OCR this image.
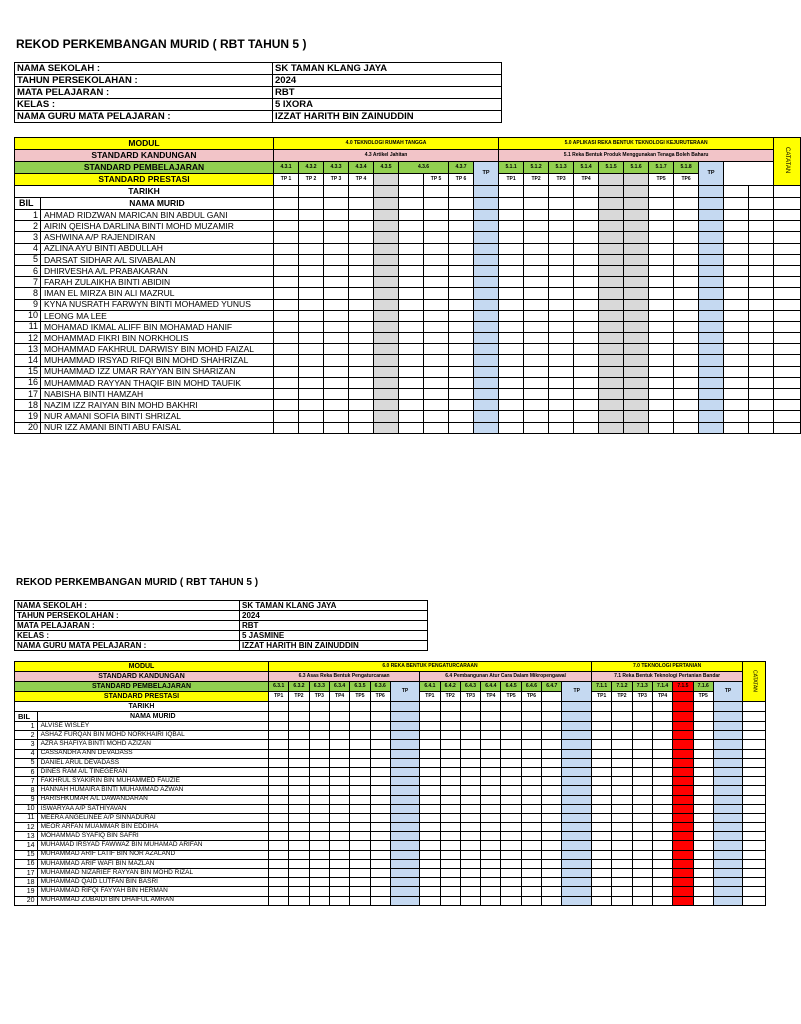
REKOD PERKEMBANGAN MURID ( RBT TAHUN 5 )
NAMA SEKOLAH :	SK TAMAN KLANG JAYA
TAHUN PERSEKOLAHAN :	2024
MATA PELAJARAN :	RBT
KELAS :	5 IXORA
NAMA GURU MATA PELAJARAN :	IZZAT HARITH BIN ZAINUDDIN
MODUL		4.0 TEKNOLOGI RUMAH TANGGA									5.0 APLIKASI REKA BENTUK TEKNOLOGI KEJURUTERAAN											CATATAN
STANDARD KANDUNGAN		4.3 Artikel Jahitan									5.1 Reka Bentuk Produk Menggunakan Tenaga Boleh Baharu											
STANDARD PEMBELAJARAN		4.3.1	4.3.2	4.3.3	4.3.4	4.3.5	4.3.6		4.3.7	TP	5.1.1	5.1.2	5.1.3	5.1.4	5.1.5	5.1.6	5.1.7	5.1.8	TP			
STANDARD PRESTASI		TP 1	TP 2	TP 3	TP 4			TP 5	TP 6		TP1	TP2	TP3	TP4			TP5	TP6				
TARIKH																						
BIL	NAMA MURID																					
1	AHMAD RIDZWAN MARICAN BIN ABDUL GANI																					
2	AIRIN QEISHA DARLINA BINTI MOHD MUZAMIR																					
3	ASHWINA A/P RAJENDIRAN																					
4	AZLINA AYU BINTI ABDULLAH																					
5	DARSAT SIDHAR A/L SIVABALAN																					
6	DHIRVESHA A/L PRABAKARAN																					
7	FARAH ZULAIKHA BINTI ABIDIN																					
8	IMAN EL MIRZA BIN ALI MAZRUL																					
9	KYNA NUSRATH FARWYN BINTI MOHAMED YUNUS																					
10	LEONG MA LEE																					
11	MOHAMAD IKMAL ALIFF BIN MOHAMAD HANIF																					
12	MOHAMMAD FIKRI BIN NORKHOLIS																					
13	MOHAMMAD FAKHRUL DARWISY BIN MOHD FAIZAL																					
14	MUHAMMAD IRSYAD RIFQI BIN MOHD SHAHRIZAL																					
15	MUHAMMAD IZZ UMAR RAYYAN BIN SHARIZAN																					
16	MUHAMMAD RAYYAN THAQIF BIN MOHD TAUFIK																					
17	NABISHA BINTI HAMZAH																					
18	NAZIM IZZ RAIYAN BIN MOHD BAKHRI																					
19	NUR AMANI SOFIA BINTI SHRIZAL																					
20	NUR IZZ AMANI BINTI ABU FAISAL																					
REKOD PERKEMBANGAN MURID ( RBT TAHUN 5 )
NAMA SEKOLAH :	SK TAMAN KLANG JAYA
TAHUN PERSEKOLAHAN :	2024
MATA PELAJARAN :	RBT
KELAS :	5 JASMINE
NAMA GURU MATA PELAJARAN :	IZZAT HARITH BIN ZAINUDDIN
MODUL		6.0 REKA BENTUK PENGATURCARAAN															7.0 TEKNOLOGI PERTANIAN							CATATAN
STANDARD KANDUNGAN		6.3 Asas Reka Bentuk Pengaturcaraan							6.4 Pembangunan Atur Cara Dalam Mikropengawal								7.1 Reka Bentuk Teknologi Pertanian Bandar							
STANDARD PEMBELAJARAN		6.3.1	6.3.2	6.3.3	6.3.4	6.3.5	6.3.6	TP	6.4.1	6.4.2	6.4.3	6.4.4	6.4.5	6.4.6	6.4.7	TP	7.1.1	7.1.2	7.1.3	7.1.4	7.1.5	7.1.6	TP	
STANDARD PRESTASI		TP1	TP2	TP3	TP4	TP5	TP6		TP1	TP2	TP3	TP4	TP5	TP6			TP1	TP2	TP3	TP4		TP5		
TARIKH																								
BIL	NAMA MURID																							
1	ALVISE WISLEY																							
2	ASHAZ FURQAN BIN MOHD NORKHAIRI IQBAL																							
3	AZRA SHAFIYA BINTI MOHD AZIZAN																							
4	CASSANDRA ANN DEVADASS																							
5	DANIEL ARUL DEVADASS																							
6	DINES RAM A/L TINEGERAN																							
7	FAKHRUL SYAKIRIN BIN MUHAMMED FAUZIE																							
8	HANNAH HUMAIRA BINTI MUHAMMAD AZWAN																							
9	HARISHKUMAR A/L DAWANDARAN																							
10	ISWARYAA A/P SATHIYAVAN																							
11	MEERA ANGELINEE A/P SINNADURAI																							
12	MEOR ARFAN MUAMMAR BIN EDDIHA																							
13	MOHAMMAD SYAFIQ BIN SAFRI																							
14	MUHAMAD IRSYAD FAWWAZ BIN MUHAMAD ARIFAN																							
15	MUHAMMAD ARIF LATIF BIN NOR AZALAND																							
16	MUHAMMAD ARIF WAFI BIN MAZLAN																							
17	MUHAMMAD NIZARIEF RAYYAN BIN MOHD RIZAL																							
18	MUHAMMAD QAID LUTFAN BIN BASRI																							
19	MUHAMMAD RIFQI FAYYAH BIN HERMAN																							
20	MUHAMMAD ZUBAIDI BIN DHAIFUL AMRAN																							
